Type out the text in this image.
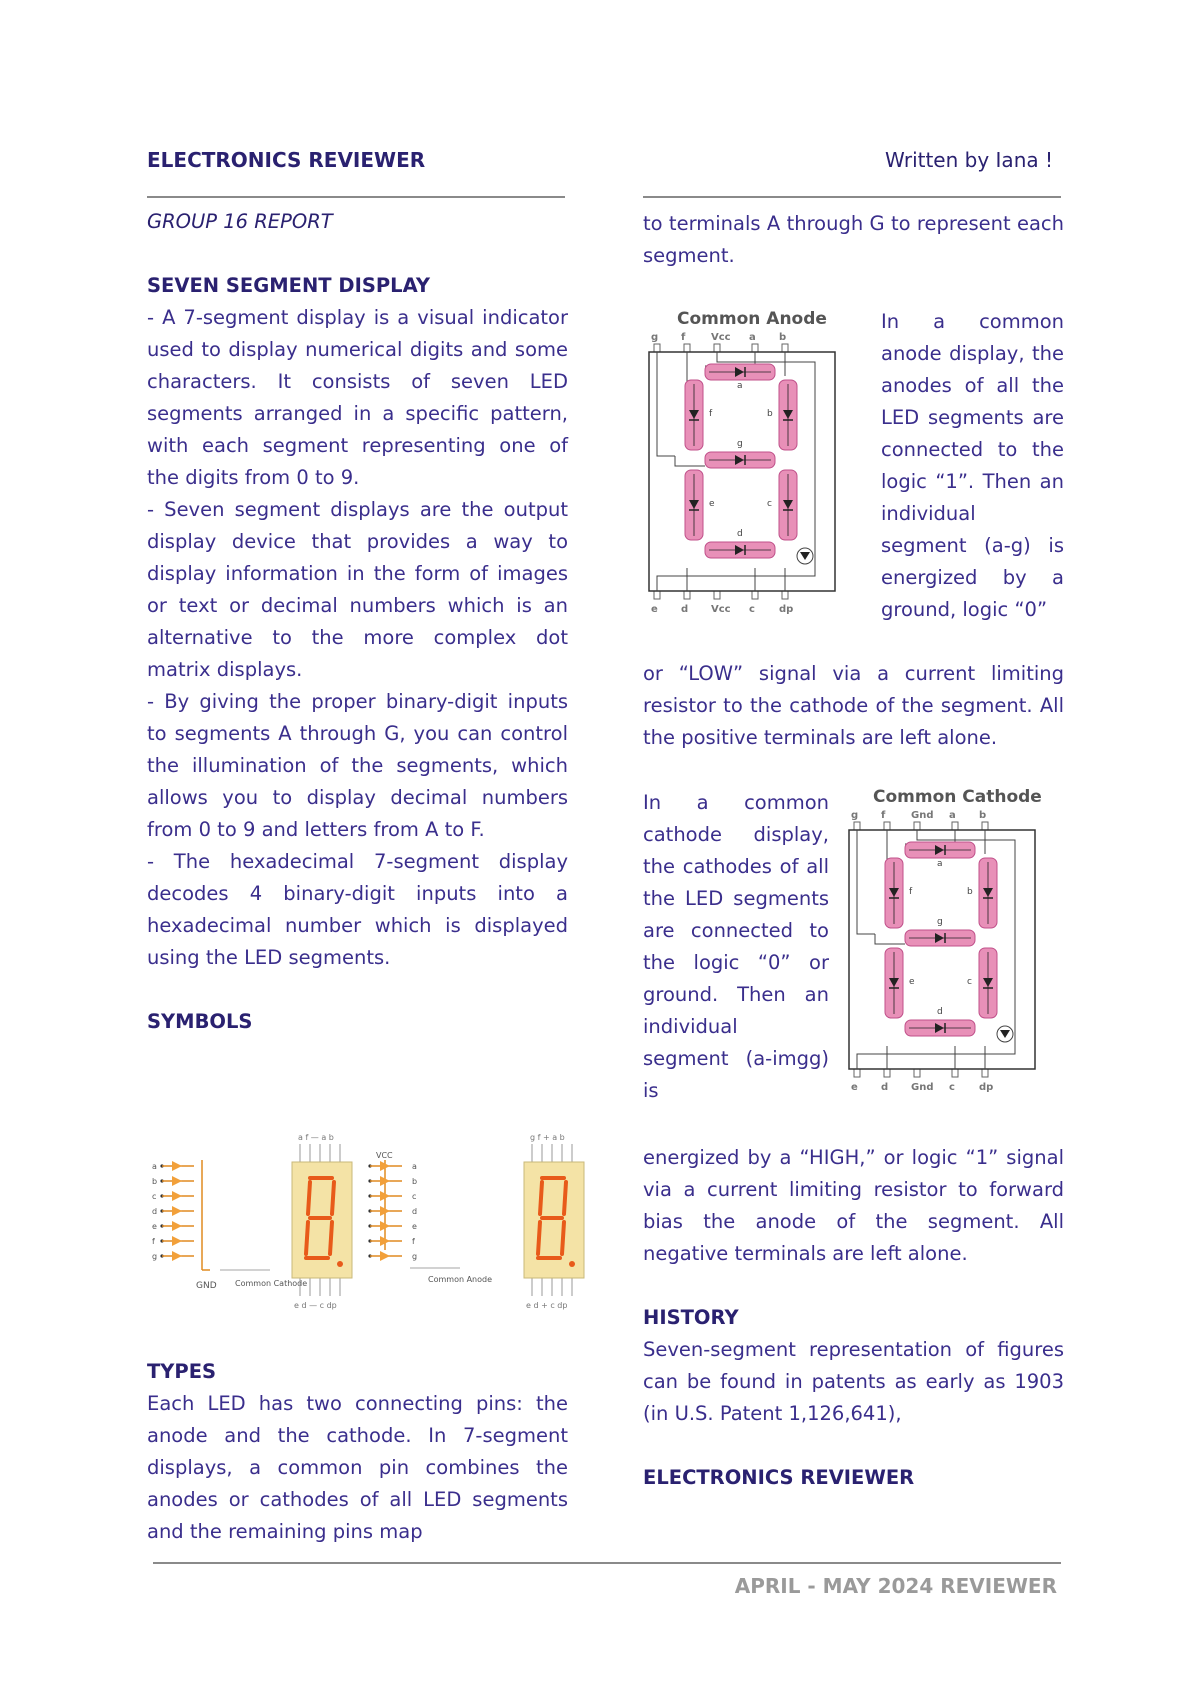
ELECTRONICS REVIEWER	Written by Iana !

GROUP 16 REPORT

SEVEN SEGMENT DISPLAY

- A 7-segment display is a visual indicator used to display numerical digits and some characters. It consists of seven LED segments arranged in a specific pattern, with each segment representing one of the digits from 0 to 9.

- Seven segment displays are the output display device that provides a way to display information in the form of images or text or decimal numbers which is an alternative to the more complex dot matrix displays.

- By giving the proper binary-digit inputs to segments A through G, you can control the illumination of the segments, which allows you to display decimal numbers from 0 to 9 and letters from A to F.

- The hexadecimal 7-segment display decodes 4 binary-digit inputs into a hexadecimal number which is displayed using the LED segments.

SYMBOLS

a
b
c
d
e
f
g
GND Common Cathode
a f — a b
e d — c dp
VCC
a
b
c
d
e
f
g
Common Anode
g f + a b
e d + c dp

TYPES

Each LED has two connecting pins: the anode and the cathode. In 7-segment displays, a common pin combines the anodes or cathodes of all LED segments and the remaining pins map

to terminals A through G to represent each segment.

Common Anode
g
e
f
d
Vcc
Vcc
a
c
b
dp
a
b
c
d
e
f
g

In a common anode display, the anodes of all the LED segments are connected to the logic “1”. Then an individual segment (a-g) is energized by a ground, logic “0”

or “LOW” signal via a current limiting resistor to the cathode of the segment. All the positive terminals are left alone.

In a common cathode display, the cathodes of all the LED segments are connected to the logic “0” or ground. Then an individual segment (a-imgg) is

Common Cathode
g
e
f
d
Gnd
Gnd
a
c
b
dp
a
b
c
d
e
f
g

energized by a “HIGH,” or logic “1” signal via a current limiting resistor to forward bias the anode of the segment. All negative terminals are left alone.

HISTORY

Seven-segment representation of figures can be found in patents as early as 1903 (in U.S. Patent 1,126,641),

ELECTRONICS REVIEWER

APRIL - MAY 2024 REVIEWER
